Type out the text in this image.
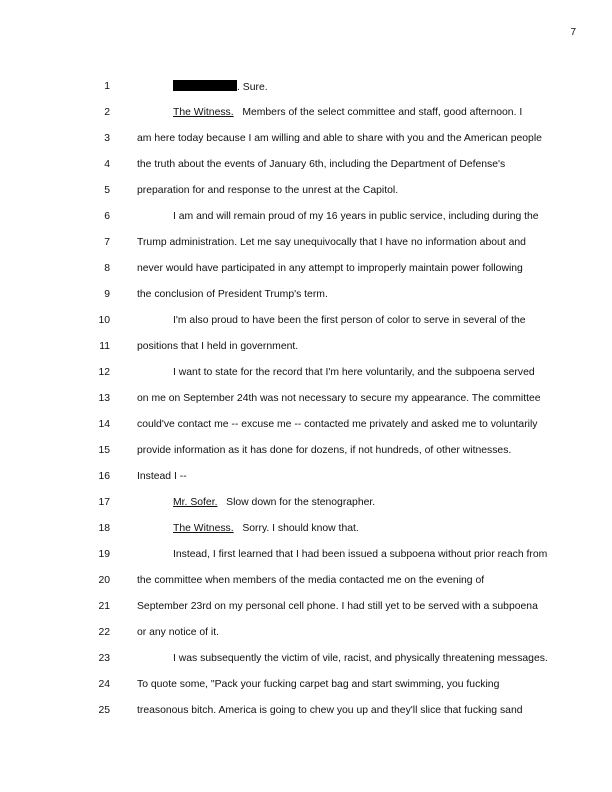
7
1	. Sure.
2	The Witness. Members of the select committee and staff, good afternoon. I
3	am here today because I am willing and able to share with you and the American people
4	the truth about the events of January 6th, including the Department of Defense's
5	preparation for and response to the unrest at the Capitol.
6	I am and will remain proud of my 16 years in public service, including during the
7	Trump administration. Let me say unequivocally that I have no information about and
8	never would have participated in any attempt to improperly maintain power following
9	the conclusion of President Trump's term.
10	I'm also proud to have been the first person of color to serve in several of the
11	positions that I held in government.
12	I want to state for the record that I'm here voluntarily, and the subpoena served
13	on me on September 24th was not necessary to secure my appearance. The committee
14	could've contact me -- excuse me -- contacted me privately and asked me to voluntarily
15	provide information as it has done for dozens, if not hundreds, of other witnesses.
16	Instead I --
17	Mr. Sofer. Slow down for the stenographer.
18	The Witness. Sorry. I should know that.
19	Instead, I first learned that I had been issued a subpoena without prior reach from
20	the committee when members of the media contacted me on the evening of
21	September 23rd on my personal cell phone. I had still yet to be served with a subpoena
22	or any notice of it.
23	I was subsequently the victim of vile, racist, and physically threatening messages.
24	To quote some, "Pack your fucking carpet bag and start swimming, you fucking
25	treasonous bitch. America is going to chew you up and they'll slice that fucking sand
